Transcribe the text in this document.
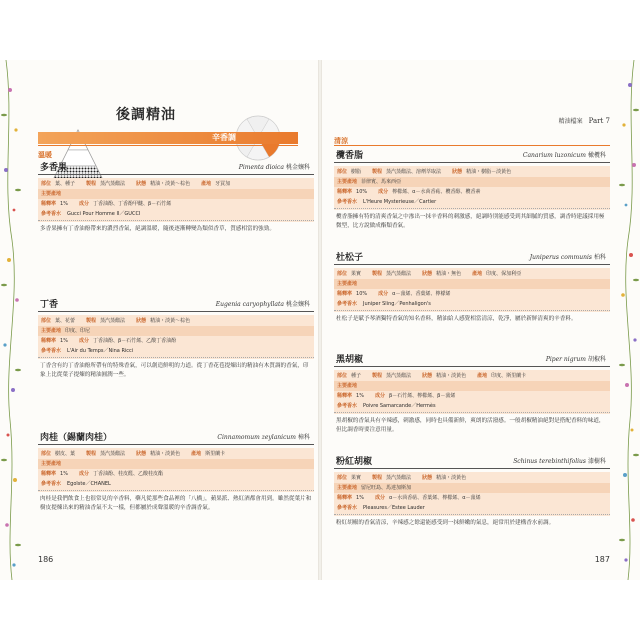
後調精油
辛香調
溫暖
多香果	Pimenta dioica 桃金孃科
部位 葉、種子 製程 蒸汽蒸餾法 狀態 精油・淡黃～棕色 產地 牙買加
主要產地
稀釋率 1% 成分 丁香油酚、丁香酚甲醚、β－石竹烯
參考香水 Gucci Pour Homme II／GUCCI
多香果擁有丁香油酚帶來的濃烈香氣，絕調溫暖，隨後逐漸轉變為類似香草，質感相當的強勁。
丁香	Eugenia caryophyllata 桃金孃科
部位 葉、花蕾 製程 蒸汽蒸餾法 狀態 精油・淡黃～棕色
主要產地 印度、印尼
稀釋率 1% 成分 丁香油酚、β－石竹烯、乙酸丁香油酚
參考香水 L'Air du Temps／Nina Ricci
丁香含有約丁香油酚所帶有的特殊香氣，可以創造鮮明的力道。從丁香花苞提煉出的精油有木質調的香氣，印象上比從葉子提煉的精油圓潤一些。
肉桂（錫蘭肉桂）	Cinnamomum zeylanicum 樟科
部位 樹皮、葉 製程 蒸汽蒸餾法 狀態 精油・淡黃色 產地 斯里蘭卡
主要產地
稀釋率 1% 成分 丁香油酚、桂皮醛、乙酸桂皮酯
參考香水 Egoïste／CHANEL
肉桂是我們飲食上也很常見的辛香料，藥凡從那些食品裡的「八橋」，蘋果派、熱紅酒都會用到。雖然從葉片和樹皮提煉出來的精油香氣不太一樣，但都屬於成聲溫暖的辛香調香氣。
186
精油檔案 Part 7
清涼
欖香脂	Canarium luzonicum 橄欖科
部位 樹脂 製程 蒸汽蒸餾法、溶劑萃取法 狀態 精油・樹脂－淡黃色
主要產地 菲律賓、馬來西亞
稀釋率 10% 成分 檸檬烯、α－水茴香萜、欖香醇、欖香素
參考香水 L'Heure Mysterieuse／Cartier
欖香脂擁有特的清爽香氣之中滲出一抹辛香料的刺激感，絕調時別能感受到其細膩的質感，調香時建議採用極微型，比方說做成酯類香氣。
杜松子	Juniperus communis 柏科
部位 果實 製程 蒸汽蒸餾法 狀態 精油・無色 產地 印度、保加利亞
主要產地
稀釋率 10% 成分 α－蒎烯、香葉烯、檸檬烯
參考香水 Juniper Sling／Penhaligon's
杜松子是賦予琴酒獨特香氣的知名香料，精油給人感覺相當清涼，乾淨，屬於新鮮清爽的辛香料。
黑胡椒	Piper nigrum 胡椒科
部位 種子 製程 蒸汽蒸餾法 狀態 精油・淡黃色 產地 印度、斯里蘭卡
主要產地
稀釋率 1% 成分 β－石竹烯、檸檬烯、β－蒎烯
參考香水 Poivre Samarcande／Hermès
黑胡椒的香氣具有辛辣感，刺激感，同時也具備新鮮，爽朗的活潑感。一般胡椒精油絕對是搭配香料的味道，但比調香時要注意用量。
粉紅胡椒	Schinus terebinthifolius 漆樹科
部位 果實 製程 蒸汽蒸餾法 狀態 精油・淡黃色
主要產地 留尼旺島、馬達加斯加
稀釋率 1% 成分 α－水茴香萜、香葉烯、檸檬烯、α－蒎烯
參考香水 Pleasures／Estee Lauder
粉紅胡椒的香氣清涼，辛辣感之餘還能感受到一抹鮮嫩的氣息，絕常用於建構香水前調。
187
